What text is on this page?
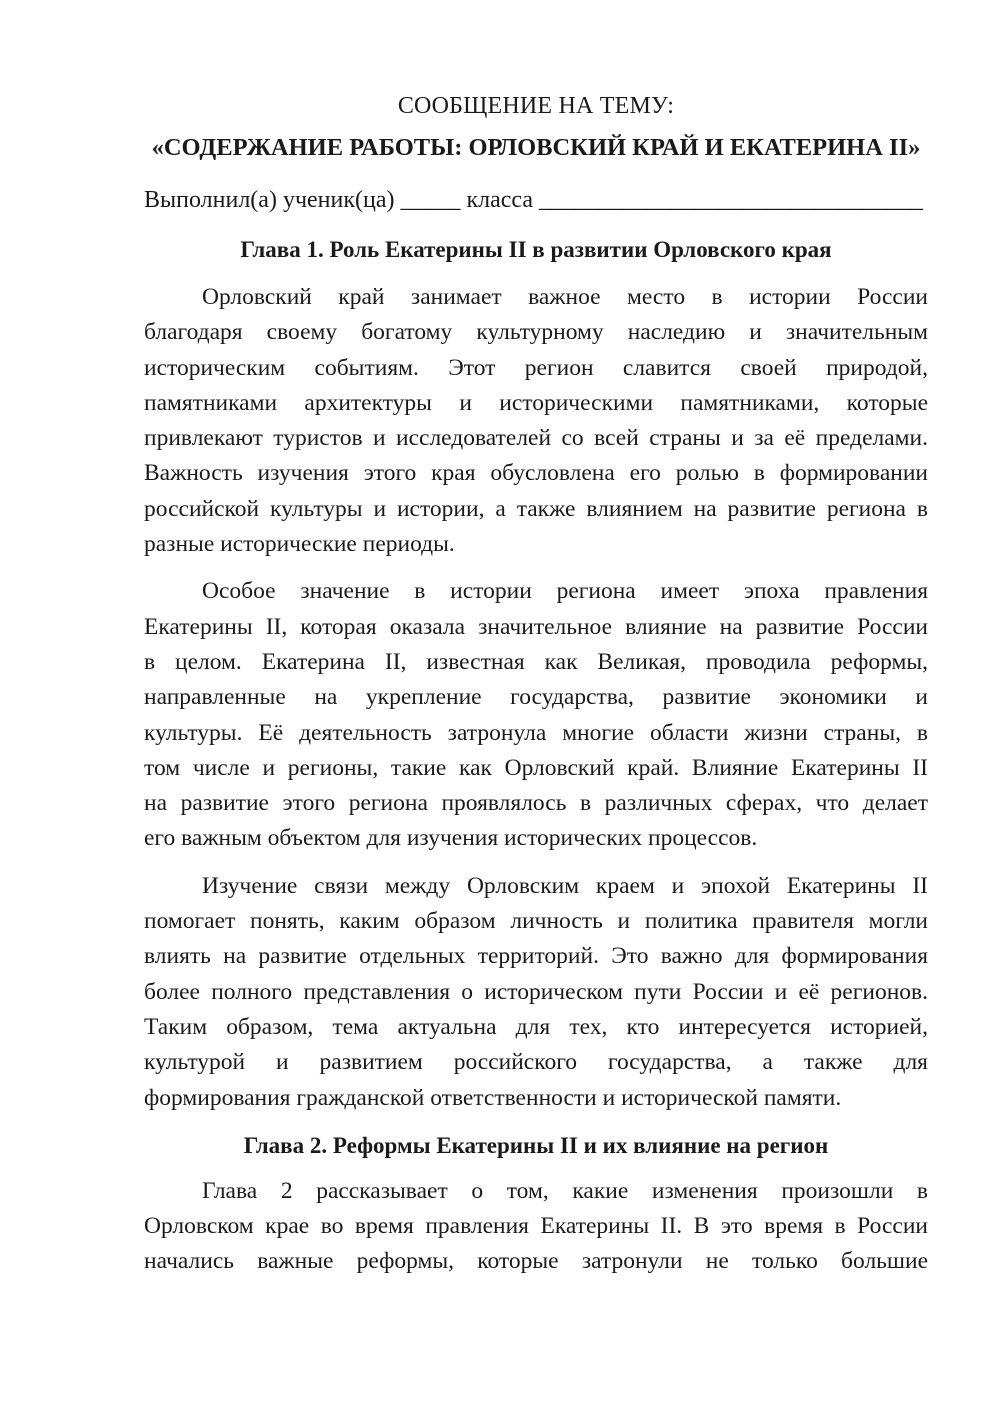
СООБЩЕНИЕ НА ТЕМУ:

«СОДЕРЖАНИЕ РАБОТЫ: ОРЛОВСКИЙ КРАЙ И ЕКАТЕРИНА II»

Выполнил(а) ученик(ца) _____ класса ________________________________
Глава 1. Роль Екатерины II в развитии Орловского края
Орловский край занимает важное место в истории России
благодаря своему богатому культурному наследию и значительным
историческим событиям. Этот регион славится своей природой,
памятниками архитектуры и историческими памятниками, которые
привлекают туристов и исследователей со всей страны и за её пределами.
Важность изучения этого края обусловлена его ролью в формировании
российской культуры и истории, а также влиянием на развитие региона в
разные исторические периоды.
Особое значение в истории региона имеет эпоха правления
Екатерины II, которая оказала значительное влияние на развитие России
в целом. Екатерина II, известная как Великая, проводила реформы,
направленные на укрепление государства, развитие экономики и
культуры. Её деятельность затронула многие области жизни страны, в
том числе и регионы, такие как Орловский край. Влияние Екатерины II
на развитие этого региона проявлялось в различных сферах, что делает
его важным объектом для изучения исторических процессов.
Изучение связи между Орловским краем и эпохой Екатерины II
помогает понять, каким образом личность и политика правителя могли
влиять на развитие отдельных территорий. Это важно для формирования
более полного представления о историческом пути России и её регионов.
Таким образом, тема актуальна для тех, кто интересуется историей,
культурой и развитием российского государства, а также для
формирования гражданской ответственности и исторической памяти.
Глава 2. Реформы Екатерины II и их влияние на регион
Глава 2 рассказывает о том, какие изменения произошли в
Орловском крае во время правления Екатерины II. В это время в России
начались важные реформы, которые затронули не только большие
